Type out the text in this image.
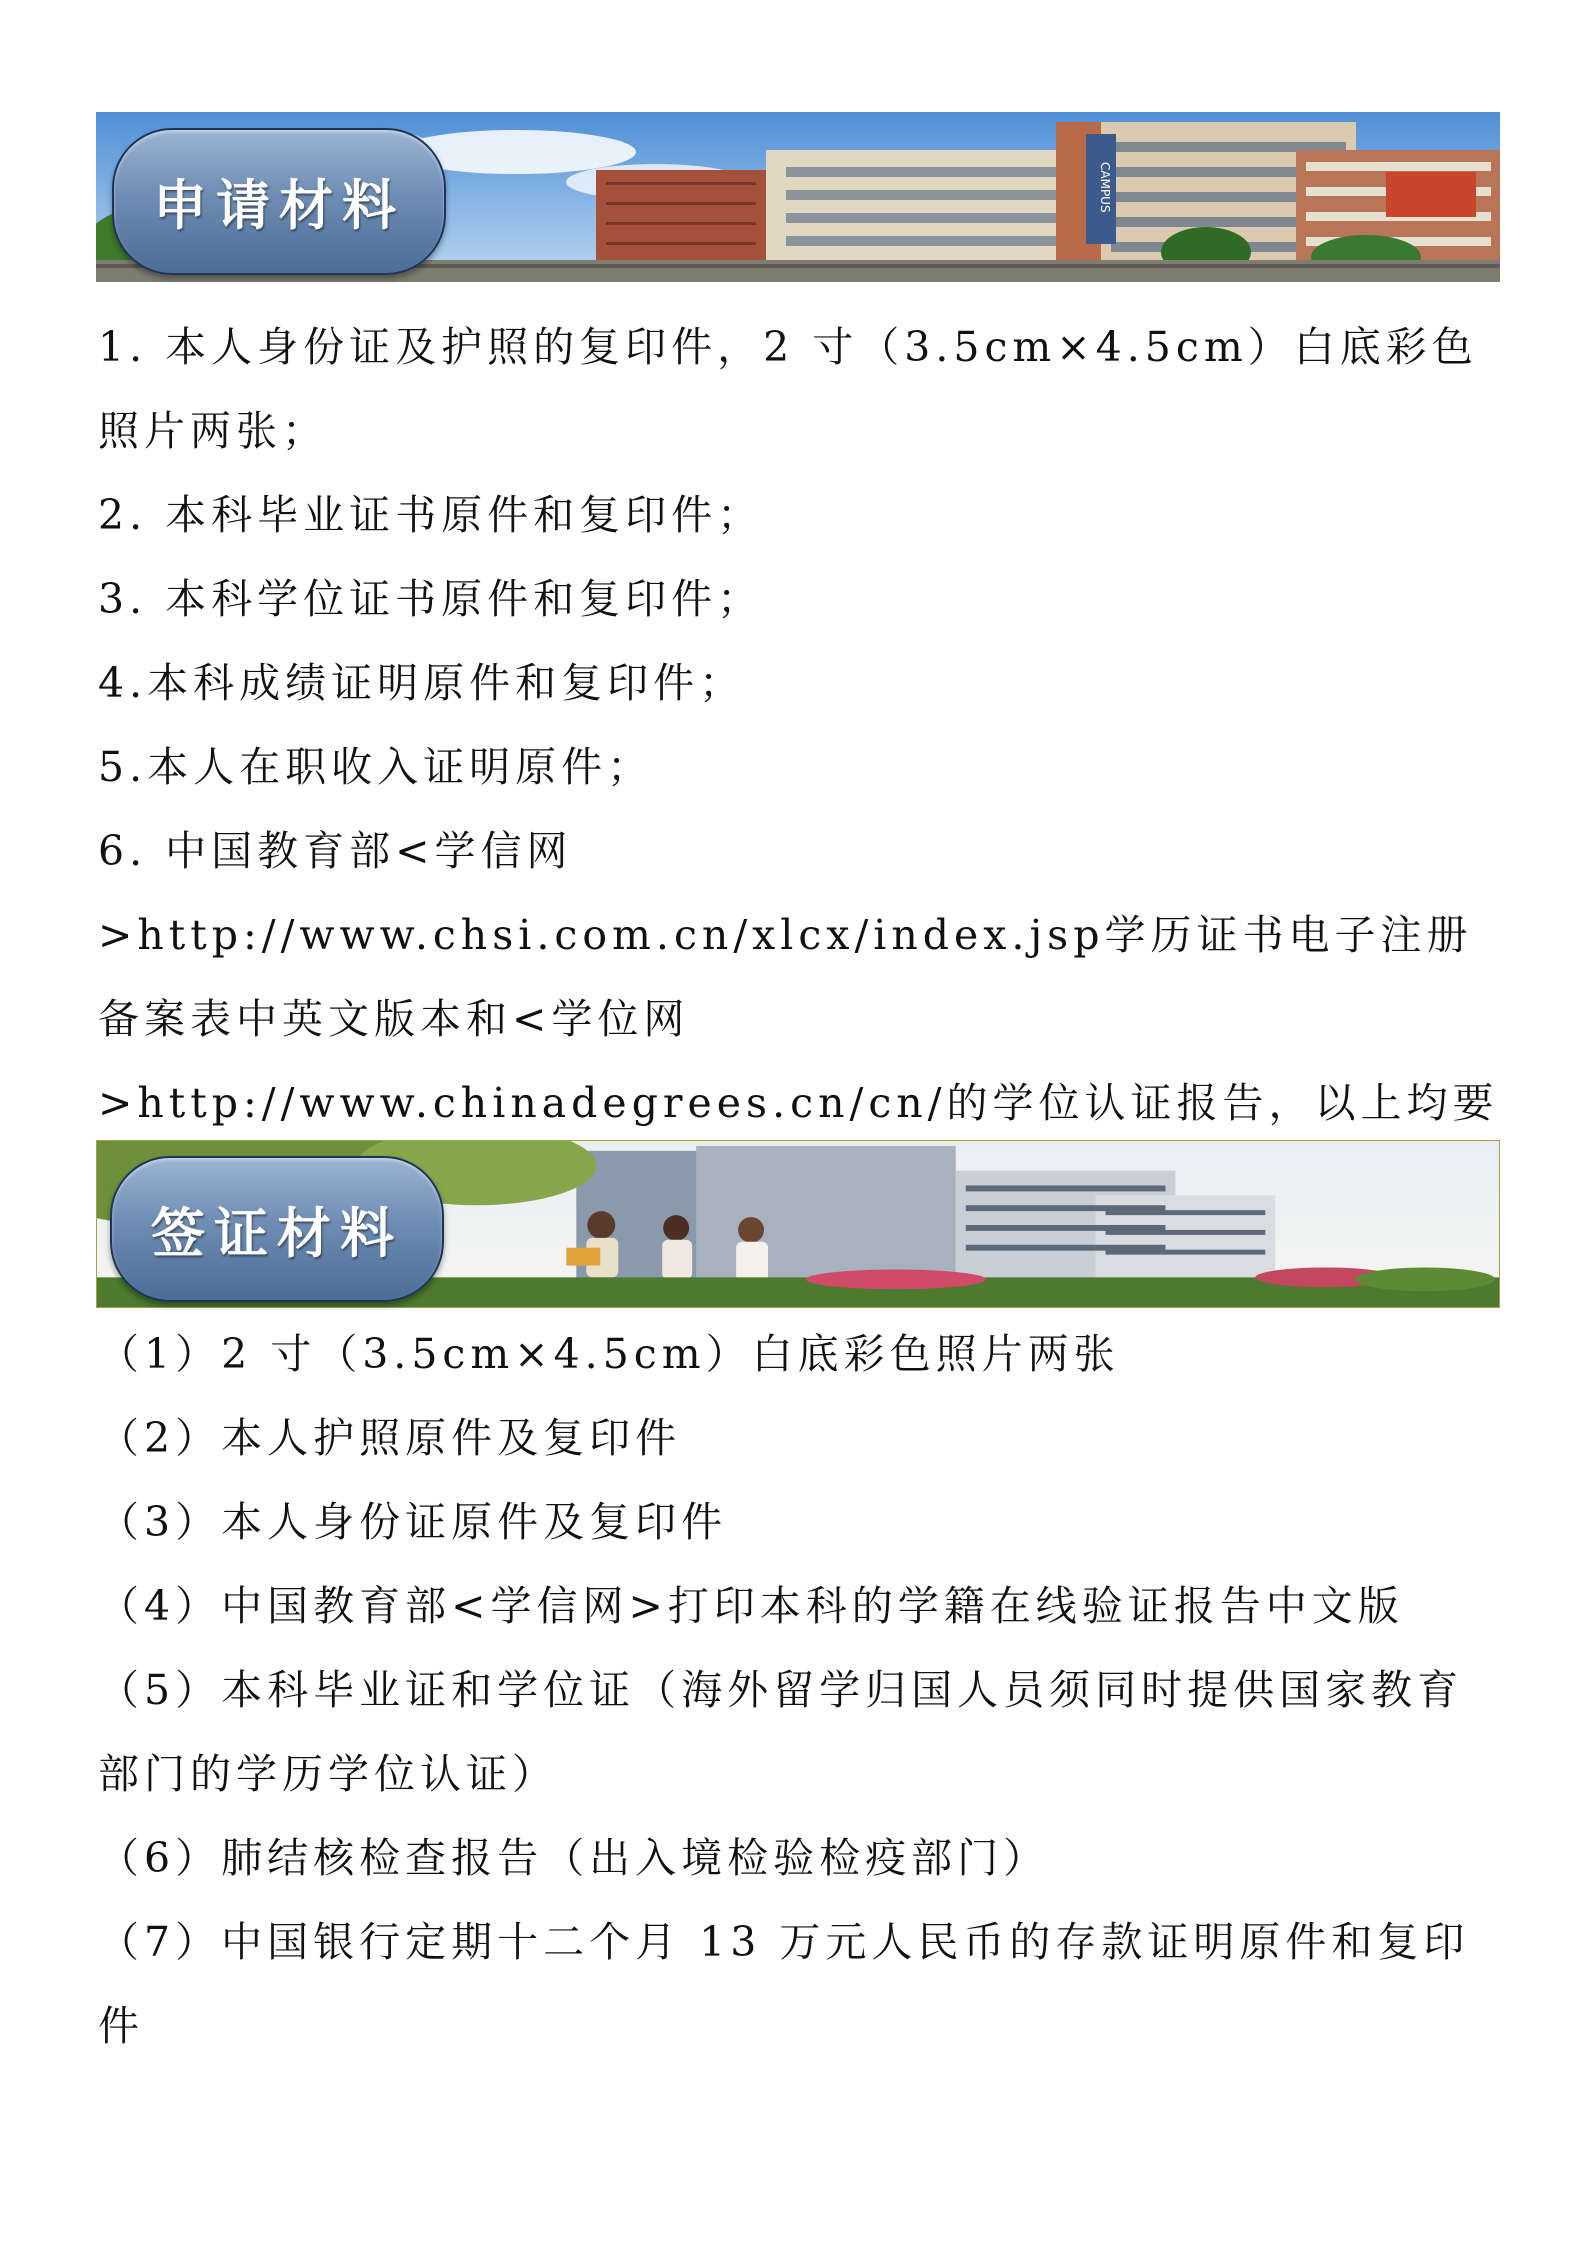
CAMPUS
申请材料

1. 本人身份证及护照的复印件，2 寸（3.5cm×4.5cm）白底彩色照片两张；

2. 本科毕业证书原件和复印件；

3. 本科学位证书原件和复印件；

4.本科成绩证明原件和复印件；

5.本人在职收入证明原件；

6. 中国教育部<学信网>http://www.chsi.com.cn/xlcx/index.jsp学历证书电子注册备案表中英文版本和<学位网>http://www.chinadegrees.cn/cn/的学位认证报告，以上均要

签证材料

（1）2 寸（3.5cm×4.5cm）白底彩色照片两张

（2）本人护照原件及复印件

（3）本人身份证原件及复印件

（4）中国教育部<学信网>打印本科的学籍在线验证报告中文版

（5）本科毕业证和学位证（海外留学归国人员须同时提供国家教育部门的学历学位认证）

（6）肺结核检查报告（出入境检验检疫部门）

（7）中国银行定期十二个月 13 万元人民币的存款证明原件和复印件
